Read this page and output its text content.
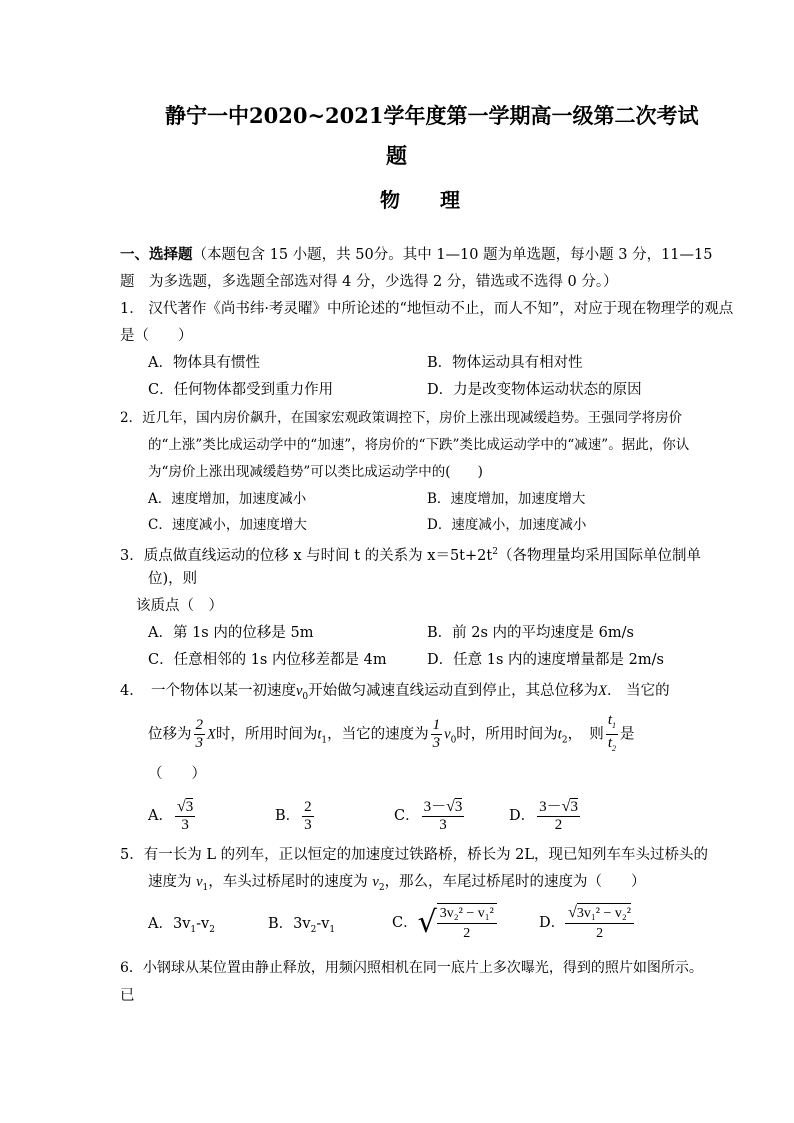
静宁一中2020~2021学年度第一学期高一级第二次考试
题
物　　理
一、选择题（本题包含 15 小题，共 50分。其中 1—10 题为单选题，每小题 3 分，11—15
题　为多选题，多选题全部选对得 4 分，少选得 2 分，错选或不选得 0 分。）
1． 汉代著作《尚书纬·考灵曜》中所论述的“地恒动不止，而人不知”，对应于现在物理学的观点
是（　　）
A．物体具有惯性	B．物体运动具有相对性
C．任何物体都受到重力作用	D．力是改变物体运动状态的原因
2．近几年，国内房价飙升，在国家宏观政策调控下，房价上涨出现减缓趋势。王强同学将房价
的“上涨”类比成运动学中的“加速”，将房价的“下跌”类比成运动学中的“减速”。据此，你认
为“房价上涨出现减缓趋势”可以类比成运动学中的(　　)
A．速度增加，加速度减小	B．速度增加，加速度增大
C．速度减小，加速度增大	D．速度减小，加速度减小
3．质点做直线运动的位移 x 与时间 t 的关系为 $x=5t+2t^2$（各物理量均采用国际单位制单
位)，则
该质点（　）
A．第 1s 内的位移是 5m	B．前 2s 内的平均速度是 6m/s
C．任意相邻的 1s 内位移差都是 4m	D．任意 1s 内的速度增量都是 2m/s
4．　一个物体以某一初速度$v_0$开始做匀减速直线运动直到停止，其总位移为X． 当它的
位移为 $\frac{2}{3}$ X时，所用时间为$t_1$，当它的速度为 $\frac{1}{3} v_0$时，所用时间为$t_2$，　则 $\frac{t_1}{t_2}$ 是
（　　）
A． $\frac{√3}{3}$	B． $\frac{2}{3}$	C． $\frac{3-√3}{3}$	D． $\frac{3-√3}{2}$
5．有一长为 L 的列车，正以恒定的加速度过铁路桥，桥长为 2L，现已知列车车头过桥头的
速度为 $v_1$，车头过桥尾时的速度为 $v_2$，那么，车尾过桥尾时的速度为（　　）
A．$3v_1-v_2$	B．$3v_2-v_1$	C．√ $\frac{\text{3v₂² − v₁²}}{2}$	D． $\frac{\text{√3v₁² − v₂²}}{2}$
6．小钢球从某位置由静止释放，用频闪照相机在同一底片上多次曝光，得到的照片如图所示。
已
